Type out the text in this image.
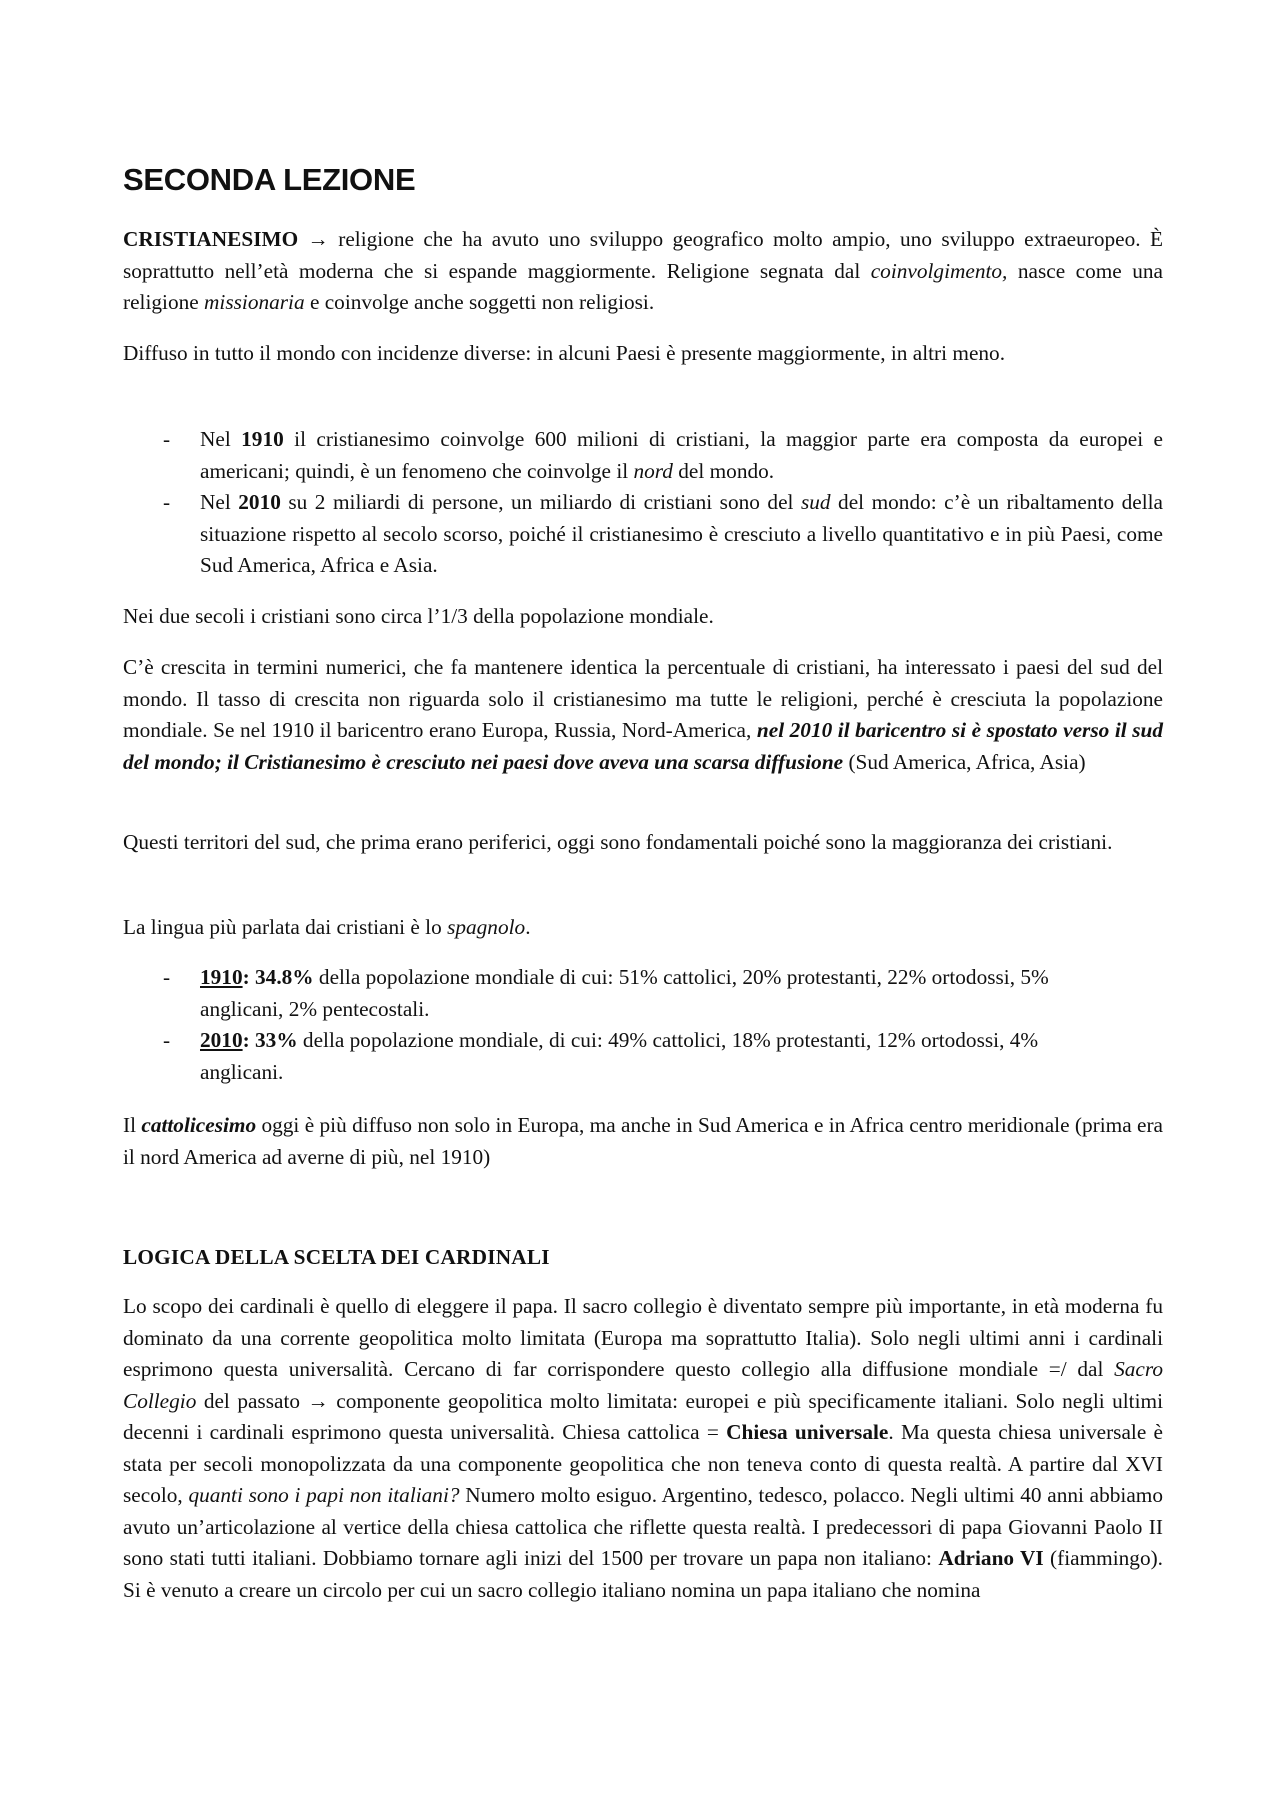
SECONDA LEZIONE

CRISTIANESIMO → religione che ha avuto uno sviluppo geografico molto ampio, uno sviluppo extraeuropeo. È soprattutto nell’età moderna che si espande maggiormente. Religione segnata dal coinvolgimento, nasce come una religione missionaria e coinvolge anche soggetti non religiosi.

Diffuso in tutto il mondo con incidenze diverse: in alcuni Paesi è presente maggiormente, in altri meno.

- Nel 1910 il cristianesimo coinvolge 600 milioni di cristiani, la maggior parte era composta da europei e americani; quindi, è un fenomeno che coinvolge il nord del mondo.
- Nel 2010 su 2 miliardi di persone, un miliardo di cristiani sono del sud del mondo: c’è un ribaltamento della situazione rispetto al secolo scorso, poiché il cristianesimo è cresciuto a livello quantitativo e in più Paesi, come Sud America, Africa e Asia.

Nei due secoli i cristiani sono circa l’1/3 della popolazione mondiale.

C’è crescita in termini numerici, che fa mantenere identica la percentuale di cristiani, ha interessato i paesi del sud del mondo. Il tasso di crescita non riguarda solo il cristianesimo ma tutte le religioni, perché è cresciuta la popolazione mondiale. Se nel 1910 il baricentro erano Europa, Russia, Nord-America, nel 2010 il baricentro si è spostato verso il sud del mondo; il Cristianesimo è cresciuto nei paesi dove aveva una scarsa diffusione (Sud America, Africa, Asia)

Questi territori del sud, che prima erano periferici, oggi sono fondamentali poiché sono la maggioranza dei cristiani.

La lingua più parlata dai cristiani è lo spagnolo.

- 1910: 34.8% della popolazione mondiale di cui: 51% cattolici, 20% protestanti, 22% ortodossi, 5% anglicani, 2% pentecostali.
- 2010: 33% della popolazione mondiale, di cui: 49% cattolici, 18% protestanti, 12% ortodossi, 4% anglicani.

Il cattolicesimo oggi è più diffuso non solo in Europa, ma anche in Sud America e in Africa centro meridionale (prima era il nord America ad averne di più, nel 1910)

LOGICA DELLA SCELTA DEI CARDINALI

Lo scopo dei cardinali è quello di eleggere il papa. Il sacro collegio è diventato sempre più importante, in età moderna fu dominato da una corrente geopolitica molto limitata (Europa ma soprattutto Italia). Solo negli ultimi anni i cardinali esprimono questa universalità. Cercano di far corrispondere questo collegio alla diffusione mondiale =/ dal Sacro Collegio del passato → componente geopolitica molto limitata: europei e più specificamente italiani. Solo negli ultimi decenni i cardinali esprimono questa universalità. Chiesa cattolica = Chiesa universale. Ma questa chiesa universale è stata per secoli monopolizzata da una componente geopolitica che non teneva conto di questa realtà. A partire dal XVI secolo, quanti sono i papi non italiani? Numero molto esiguo. Argentino, tedesco, polacco. Negli ultimi 40 anni abbiamo avuto un’articolazione al vertice della chiesa cattolica che riflette questa realtà. I predecessori di papa Giovanni Paolo II sono stati tutti italiani. Dobbiamo tornare agli inizi del 1500 per trovare un papa non italiano: Adriano VI (fiammingo). Si è venuto a creare un circolo per cui un sacro collegio italiano nomina un papa italiano che nomina
